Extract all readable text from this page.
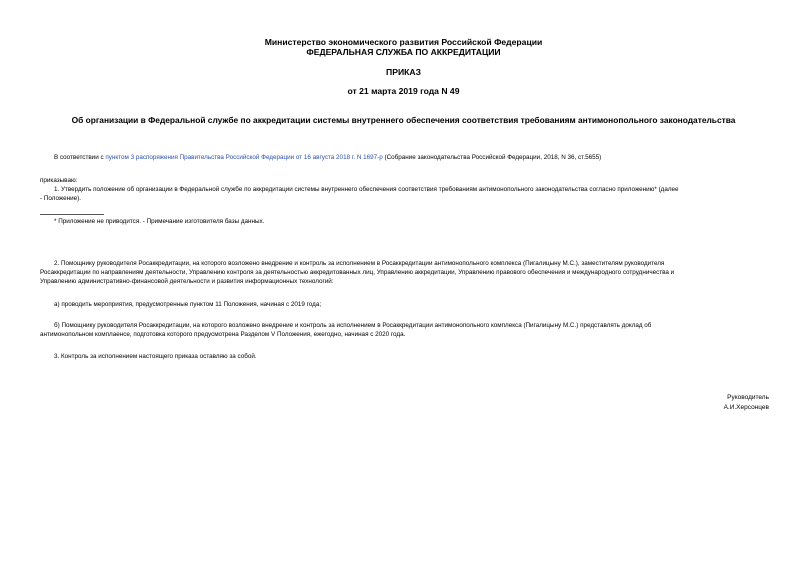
Министерство экономического развития Российской Федерации
ФЕДЕРАЛЬНАЯ СЛУЖБА ПО АККРЕДИТАЦИИ
ПРИКАЗ
от 21 марта 2019 года N 49
Об организации в Федеральной службе по аккредитации системы внутреннего обеспечения соответствия требованиям антимонопольного законодательства
В соответствии с пунктом 3 распоряжения Правительства Российской Федерации от 16 августа 2018 г. N 1697-р (Собрание законодательства Российской Федерации, 2018, N 36, ст.5655)
приказываю:
1. Утвердить положение об организации в Федеральной службе по аккредитации системы внутреннего обеспечения соответствия требованиям антимонопольного законодательства согласно приложению* (далее
- Положение).
* Приложение не приводится. - Примечание изготовителя базы данных.
2. Помощнику руководителя Росаккредитации, на которого возложено внедрение и контроль за исполнением в Росаккредитации антимонопольного комплекса (Пигалицыну М.С.), заместителям руководителя
Росаккредитации по направлениям деятельности, Управлению контроля за деятельностью аккредитованных лиц, Управлению аккредитации, Управлению правового обеспечения и международного сотрудничества и
Управлению административно-финансовой деятельности и развития информационных технологий:
а) проводить мероприятия, предусмотренные пунктом 11 Положения, начиная с 2019 года;
б) Помощнику руководителя Росаккредитации, на которого возложено внедрение и контроль за исполнением в Росаккредитации антимонопольного комплекса (Пигалицыну М.С.) представлять доклад об
антимонопольном комплаенсе, подготовка которого предусмотрена Разделом V Положения, ежегодно, начиная с 2020 года.
3. Контроль за исполнением настоящего приказа оставляю за собой.
Руководитель
А.И.Херсонцев
